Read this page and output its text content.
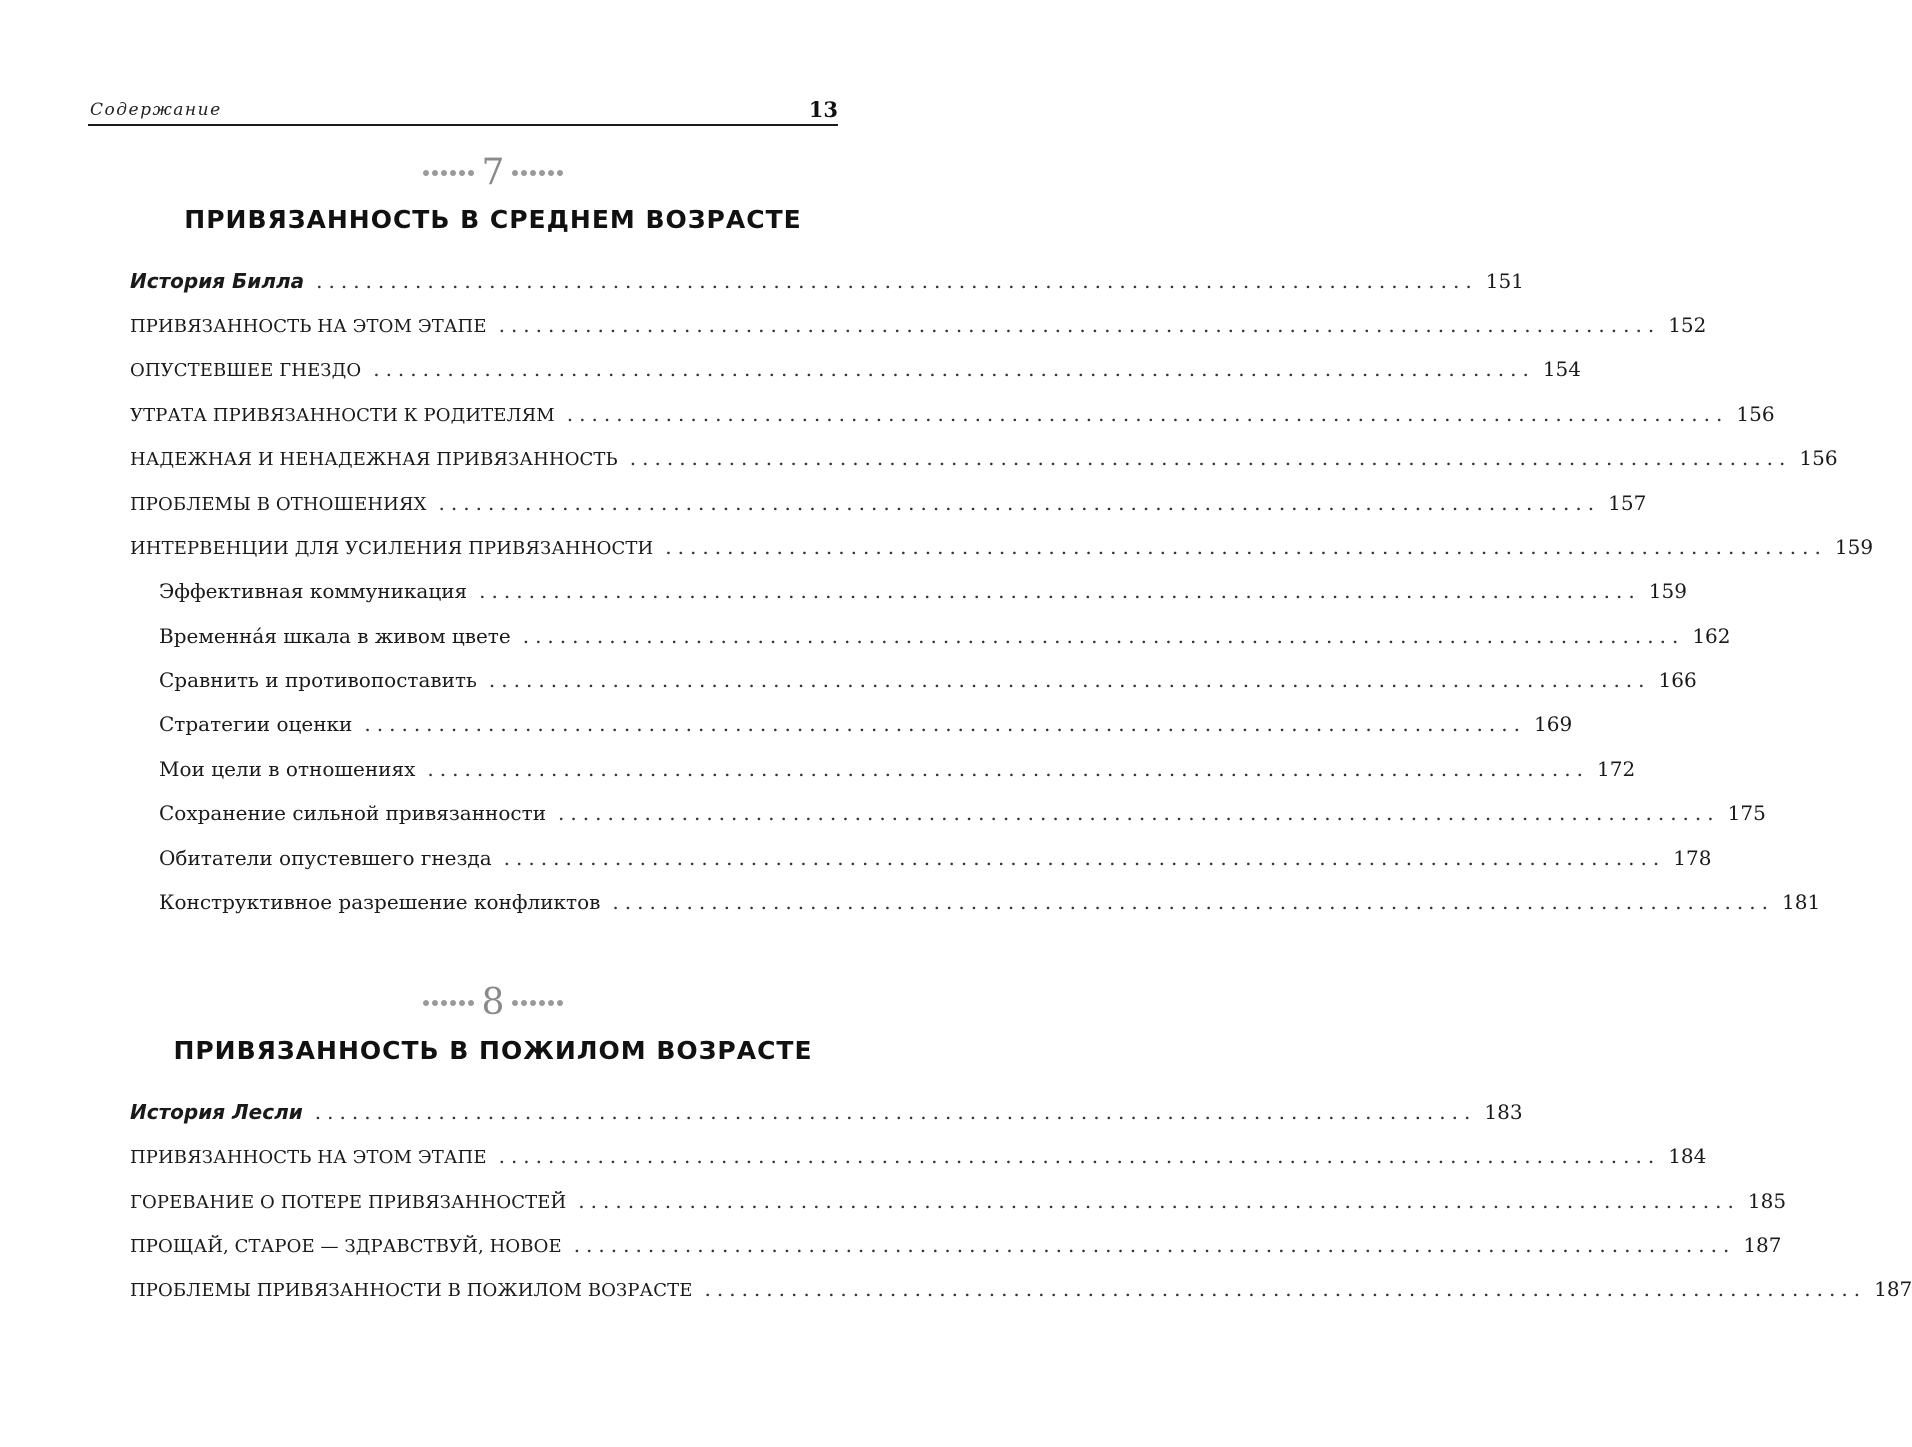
Содержание	13
7
ПРИВЯЗАННОСТЬ В СРЕДНЕМ ВОЗРАСТЕ
История Билла .............................................................................................. 151
ПРИВЯЗАННОСТЬ НА ЭТОМ ЭТАПЕ .............................................................................................. 152
ОПУСТЕВШЕЕ ГНЕЗДО .............................................................................................. 154
УТРАТА ПРИВЯЗАННОСТИ К РОДИТЕЛЯМ .............................................................................................. 156
НАДЕЖНАЯ И НЕНАДЕЖНАЯ ПРИВЯЗАННОСТЬ .............................................................................................. 156
ПРОБЛЕМЫ В ОТНОШЕНИЯХ .............................................................................................. 157
ИНТЕРВЕНЦИИ ДЛЯ УСИЛЕНИЯ ПРИВЯЗАННОСТИ .............................................................................................. 159
Эффективная коммуникация .............................................................................................. 159
Временна́я шкала в живом цвете .............................................................................................. 162
Сравнить и противопоставить .............................................................................................. 166
Стратегии оценки .............................................................................................. 169
Мои цели в отношениях .............................................................................................. 172
Сохранение сильной привязанности .............................................................................................. 175
Обитатели опустевшего гнезда .............................................................................................. 178
Конструктивное разрешение конфликтов .............................................................................................. 181
8
ПРИВЯЗАННОСТЬ В ПОЖИЛОМ ВОЗРАСТЕ
История Лесли .............................................................................................. 183
ПРИВЯЗАННОСТЬ НА ЭТОМ ЭТАПЕ .............................................................................................. 184
ГОРЕВАНИЕ О ПОТЕРЕ ПРИВЯЗАННОСТЕЙ .............................................................................................. 185
ПРОЩАЙ, СТАРОЕ — ЗДРАВСТВУЙ, НОВОЕ .............................................................................................. 187
ПРОБЛЕМЫ ПРИВЯЗАННОСТИ В ПОЖИЛОМ ВОЗРАСТЕ .............................................................................................. 187
